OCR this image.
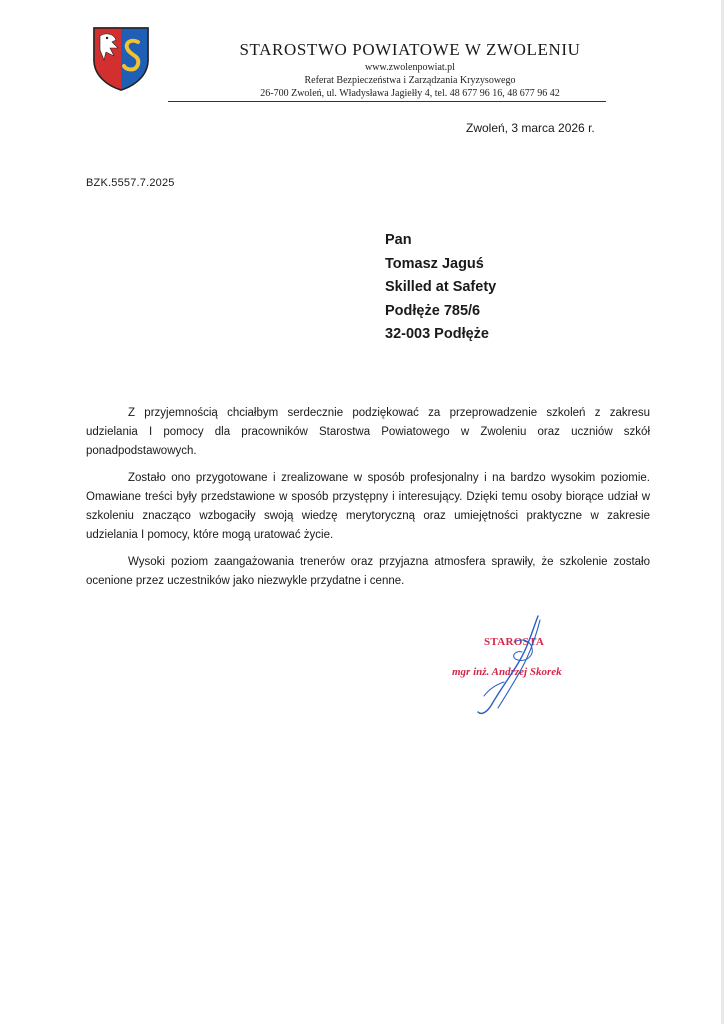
STAROSTWO POWIATOWE W ZWOLENIU
www.zwolenpowiat.pl
Referat Bezpieczeństwa i Zarządzania Kryzysowego
26-700 Zwoleń, ul. Władysława Jagiełły 4, tel. 48 677 96 16, 48 677 96 42
Zwoleń, 3 marca 2026 r.
BZK.5557.7.2025
Pan
Tomasz Jaguś
Skilled at Safety
Podłęże 785/6
32-003 Podłęże

Z przyjemnością chciałbym serdecznie podziękować za przeprowadzenie szkoleń z zakresu udzielania I pomocy dla pracowników Starostwa Powiatowego w Zwoleniu oraz uczniów szkół ponadpodstawowych.

Zostało ono przygotowane i zrealizowane w sposób profesjonalny i na bardzo wysokim poziomie. Omawiane treści były przedstawione w sposób przystępny i interesujący. Dzięki temu osoby biorące udział w szkoleniu znacząco wzbogaciły swoją wiedzę merytoryczną oraz umiejętności praktyczne w zakresie udzielania I pomocy, które mogą uratować życie.

Wysoki poziom zaangażowania trenerów oraz przyjazna atmosfera sprawiły, że szkolenie zostało ocenione przez uczestników jako niezwykle przydatne i cenne.

STAROSTA
mgr inż. Andrzej Skorek
